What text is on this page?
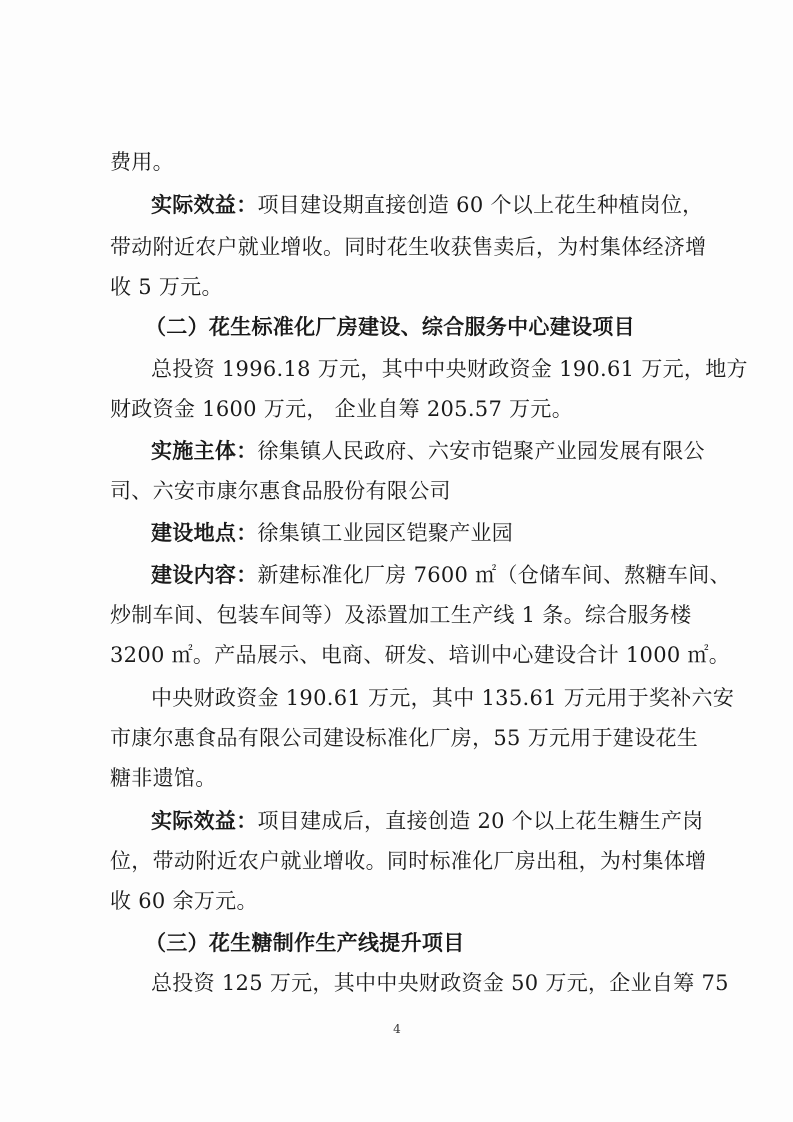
费用。
实际效益：项目建设期直接创造 60 个以上花生种植岗位，
带动附近农户就业增收。同时花生收获售卖后，为村集体经济增
收 5 万元。
（二）花生标准化厂房建设、综合服务中心建设项目
总投资 1996.18 万元，其中中央财政资金 190.61 万元，地方
财政资金 1600 万元， 企业自筹 205.57 万元。
实施主体：徐集镇人民政府、六安市铠聚产业园发展有限公
司、六安市康尔惠食品股份有限公司
建设地点：徐集镇工业园区铠聚产业园
建设内容：新建标准化厂房 7600 ㎡（仓储车间、熬糖车间、
炒制车间、包装车间等）及添置加工生产线 1 条。综合服务楼
3200 ㎡。产品展示、电商、研发、培训中心建设合计 1000 ㎡。
中央财政资金 190.61 万元，其中 135.61 万元用于奖补六安
市康尔惠食品有限公司建设标准化厂房，55 万元用于建设花生
糖非遗馆。
实际效益：项目建成后，直接创造 20 个以上花生糖生产岗
位，带动附近农户就业增收。同时标准化厂房出租，为村集体增
收 60 余万元。
（三）花生糖制作生产线提升项目
总投资 125 万元，其中中央财政资金 50 万元，企业自筹 75
4
